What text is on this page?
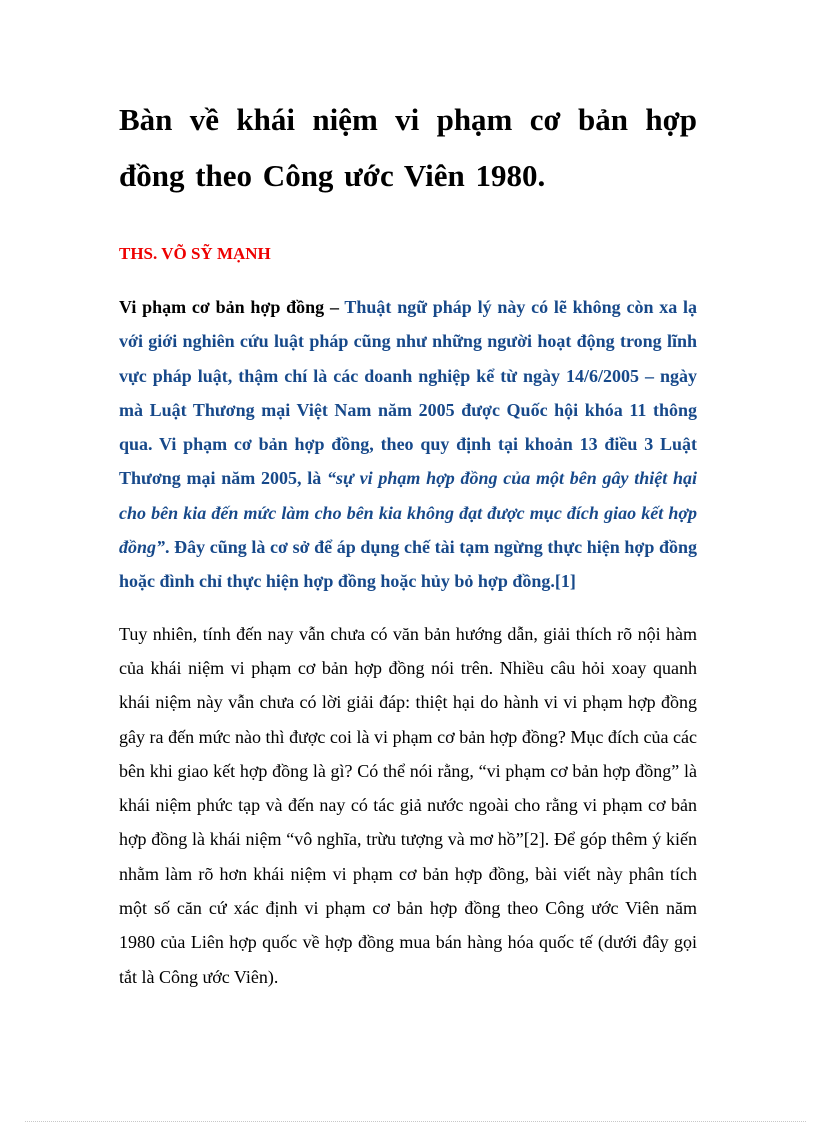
Bàn về khái niệm vi phạm cơ bản hợp đồng theo Công ước Viên 1980.
THS. VÕ SỸ MẠNH

Vi phạm cơ bản hợp đồng – Thuật ngữ pháp lý này có lẽ không còn xa lạ với giới nghiên cứu luật pháp cũng như những người hoạt động trong lĩnh vực pháp luật, thậm chí là các doanh nghiệp kể từ ngày 14/6/2005 – ngày mà Luật Thương mại Việt Nam năm 2005 được Quốc hội khóa 11 thông qua. Vi phạm cơ bản hợp đồng, theo quy định tại khoản 13 điều 3 Luật Thương mại năm 2005, là “sự vi phạm hợp đồng của một bên gây thiệt hại cho bên kia đến mức làm cho bên kia không đạt được mục đích giao kết hợp đồng”. Đây cũng là cơ sở để áp dụng chế tài tạm ngừng thực hiện hợp đồng hoặc đình chỉ thực hiện hợp đồng hoặc hủy bỏ hợp đồng.[1]

Tuy nhiên, tính đến nay vẫn chưa có văn bản hướng dẫn, giải thích rõ nội hàm của khái niệm vi phạm cơ bản hợp đồng nói trên. Nhiều câu hỏi xoay quanh khái niệm này vẫn chưa có lời giải đáp: thiệt hại do hành vi vi phạm hợp đồng gây ra đến mức nào thì được coi là vi phạm cơ bản hợp đồng? Mục đích của các bên khi giao kết hợp đồng là gì? Có thể nói rằng, “vi phạm cơ bản hợp đồng” là khái niệm phức tạp và đến nay có tác giả nước ngoài cho rằng vi phạm cơ bản hợp đồng là khái niệm “vô nghĩa, trừu tượng và mơ hồ”[2]. Để góp thêm ý kiến nhằm làm rõ hơn khái niệm vi phạm cơ bản hợp đồng, bài viết này phân tích một số căn cứ xác định vi phạm cơ bản hợp đồng theo Công ước Viên năm 1980 của Liên hợp quốc về hợp đồng mua bán hàng hóa quốc tế (dưới đây gọi tắt là Công ước Viên).
